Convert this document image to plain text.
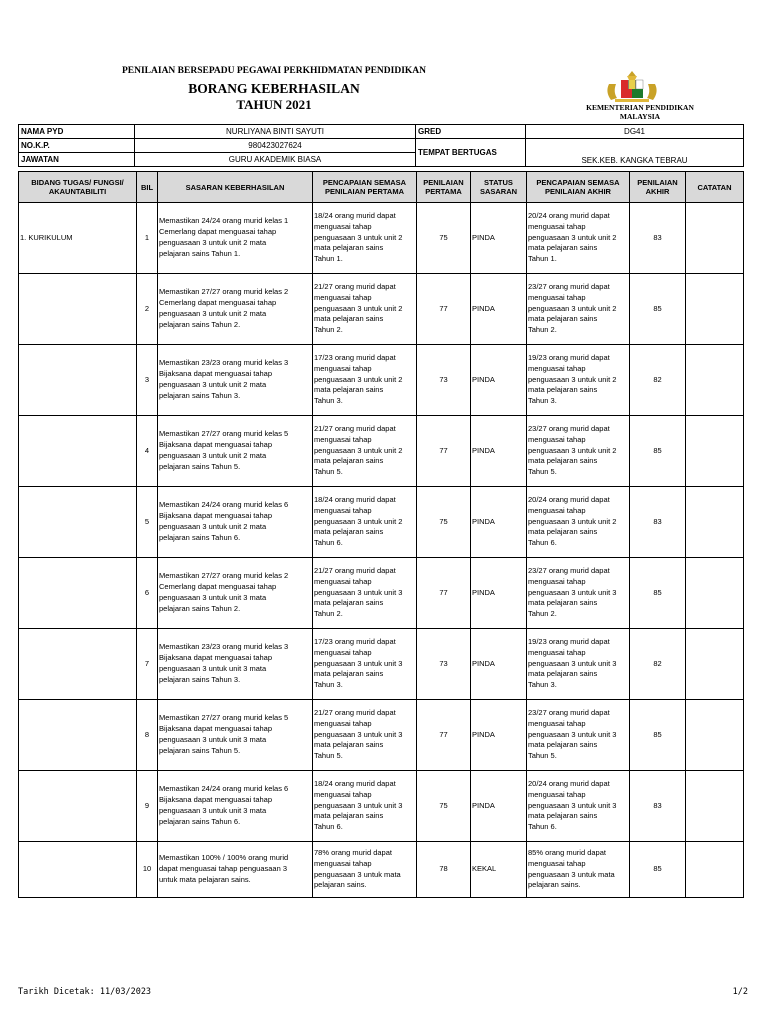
PENILAIAN BERSEPADU PEGAWAI PERKHIDMATAN PENDIDIKAN
BORANG KEBERHASILAN
TAHUN 2021	KEMENTERIAN PENDIDIKAN
MALAYSIA
NAMA PYD	NURLIYANA BINTI SAYUTI	GRED	DG41
NO.K.P.	980423027624	TEMPAT BERTUGAS	SEK.KEB. KANGKA TEBRAU
JAWATAN	GURU AKADEMIK BIASA		
BIDANG TUGAS/ FUNGSI/ AKAUNTABILITI	BIL	SASARAN KEBERHASILAN	PENCAPAIAN SEMASA PENILAIAN PERTAMA	PENILAIAN PERTAMA	STATUS SASARAN	PENCAPAIAN SEMASA PENILAIAN AKHIR	PENILAIAN AKHIR	CATATAN
1. KURIKULUM	1	Memastikan 24/24 orang murid kelas 1
Cemerlang dapat menguasai tahap
penguasaan 3 untuk unit 2 mata
pelajaran sains Tahun 1.	18/24 orang murid dapat
menguasai tahap
penguasaan 3 untuk unit 2
mata pelajaran sains
Tahun 1.	75	PINDA	20/24 orang murid dapat
menguasai tahap
penguasaan 3 untuk unit 2
mata pelajaran sains
Tahun 1.	83	
	2	Memastikan 27/27 orang murid kelas 2
Cemerlang dapat menguasai tahap
penguasaan 3 untuk unit 2 mata
pelajaran sains Tahun 2.	21/27 orang murid dapat
menguasai tahap
penguasaan 3 untuk unit 2
mata pelajaran sains
Tahun 2.	77	PINDA	23/27 orang murid dapat
menguasai tahap
penguasaan 3 untuk unit 2
mata pelajaran sains
Tahun 2.	85	
	3	Memastikan 23/23 orang murid kelas 3
Bijaksana dapat menguasai tahap
penguasaan 3 untuk unit 2 mata
pelajaran sains Tahun 3.	17/23 orang murid dapat
menguasai tahap
penguasaan 3 untuk unit 2
mata pelajaran sains
Tahun 3.	73	PINDA	19/23 orang murid dapat
menguasai tahap
penguasaan 3 untuk unit 2
mata pelajaran sains
Tahun 3.	82	
	4	Memastikan 27/27 orang murid kelas 5
Bijaksana dapat menguasai tahap
penguasaan 3 untuk unit 2 mata
pelajaran sains Tahun 5.	21/27 orang murid dapat
menguasai tahap
penguasaan 3 untuk unit 2
mata pelajaran sains
Tahun 5.	77	PINDA	23/27 orang murid dapat
menguasai tahap
penguasaan 3 untuk unit 2
mata pelajaran sains
Tahun 5.	85	
	5	Memastikan 24/24 orang murid kelas 6
Bijaksana dapat menguasai tahap
penguasaan 3 untuk unit 2 mata
pelajaran sains Tahun 6.	18/24 orang murid dapat
menguasai tahap
penguasaan 3 untuk unit 2
mata pelajaran sains
Tahun 6.	75	PINDA	20/24 orang murid dapat
menguasai tahap
penguasaan 3 untuk unit 2
mata pelajaran sains
Tahun 6.	83	
	6	Memastikan 27/27 orang murid kelas 2
Cemerlang dapat menguasai tahap
penguasaan 3 untuk unit 3 mata
pelajaran sains Tahun 2.	21/27 orang murid dapat
menguasai tahap
penguasaan 3 untuk unit 3
mata pelajaran sains
Tahun 2.	77	PINDA	23/27 orang murid dapat
menguasai tahap
penguasaan 3 untuk unit 3
mata pelajaran sains
Tahun 2.	85	
	7	Memastikan 23/23 orang murid kelas 3
Bijaksana dapat menguasai tahap
penguasaan 3 untuk unit 3 mata
pelajaran sains Tahun 3.	17/23 orang murid dapat
menguasai tahap
penguasaan 3 untuk unit 3
mata pelajaran sains
Tahun 3.	73	PINDA	19/23 orang murid dapat
menguasai tahap
penguasaan 3 untuk unit 3
mata pelajaran sains
Tahun 3.	82	
	8	Memastikan 27/27 orang murid kelas 5
Bijaksana dapat menguasai tahap
penguasaan 3 untuk unit 3 mata
pelajaran sains Tahun 5.	21/27 orang murid dapat
menguasai tahap
penguasaan 3 untuk unit 3
mata pelajaran sains
Tahun 5.	77	PINDA	23/27 orang murid dapat
menguasai tahap
penguasaan 3 untuk unit 3
mata pelajaran sains
Tahun 5.	85	
	9	Memastikan 24/24 orang murid kelas 6
Bijaksana dapat menguasai tahap
penguasaan 3 untuk unit 3 mata
pelajaran sains Tahun 6.	18/24 orang murid dapat
menguasai tahap
penguasaan 3 untuk unit 3
mata pelajaran sains
Tahun 6.	75	PINDA	20/24 orang murid dapat
menguasai tahap
penguasaan 3 untuk unit 3
mata pelajaran sains
Tahun 6.	83	
	10	Memastikan 100% / 100% orang murid
dapat menguasai tahap penguasaan 3
untuk mata pelajaran sains.	78% orang murid dapat
menguasai tahap
penguasaan 3 untuk mata
pelajaran sains.	78	KEKAL	85% orang murid dapat
menguasai tahap
penguasaan 3 untuk mata
pelajaran sains.	85	
Tarikh Dicetak: 11/03/2023	1/2
